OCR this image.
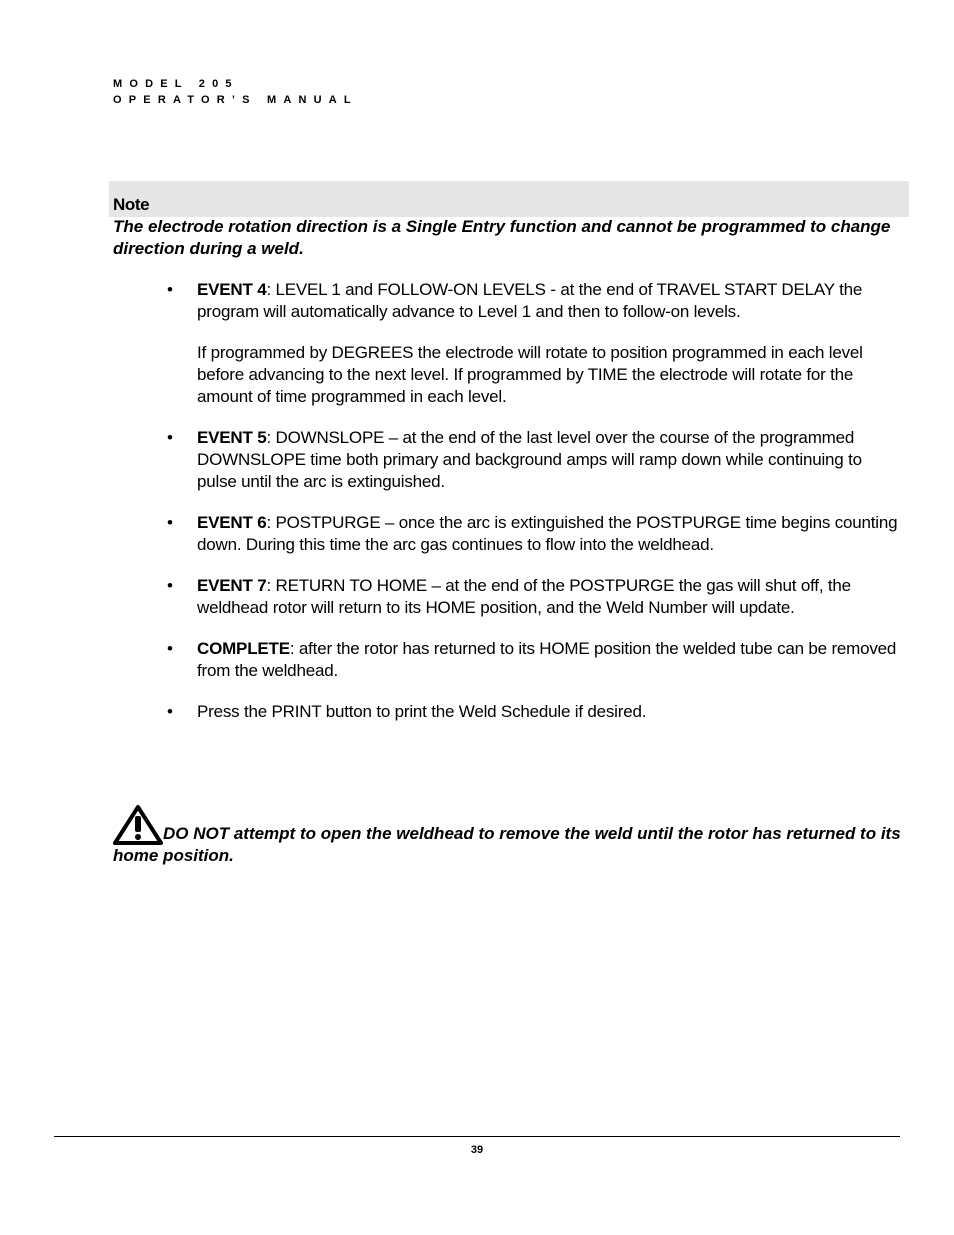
MODEL 205
OPERATOR’S MANUAL
Note
The electrode rotation direction is a Single Entry function and cannot be programmed to change direction during a weld.
• EVENT 4: LEVEL 1 and FOLLOW-ON LEVELS - at the end of TRAVEL START DELAY the program will automatically advance to Level 1 and then to follow-on levels.

If programmed by DEGREES the electrode will rotate to position programmed in each level before advancing to the next level. If programmed by TIME the electrode will rotate for the amount of time programmed in each level.

• EVENT 5: DOWNSLOPE – at the end of the last level over the course of the programmed DOWNSLOPE time both primary and background amps will ramp down while continuing to pulse until the arc is extinguished.

• EVENT 6: POSTPURGE – once the arc is extinguished the POSTPURGE time begins counting down. During this time the arc gas continues to flow into the weldhead.

• EVENT 7: RETURN TO HOME – at the end of the POSTPURGE the gas will shut off, the weldhead rotor will return to its HOME position, and the Weld Number will update.

• COMPLETE: after the rotor has returned to its HOME position the welded tube can be removed from the weldhead.

• Press the PRINT button to print the Weld Schedule if desired.

DO NOT attempt to open the weldhead to remove the weld until the rotor has returned to its home position.
39
